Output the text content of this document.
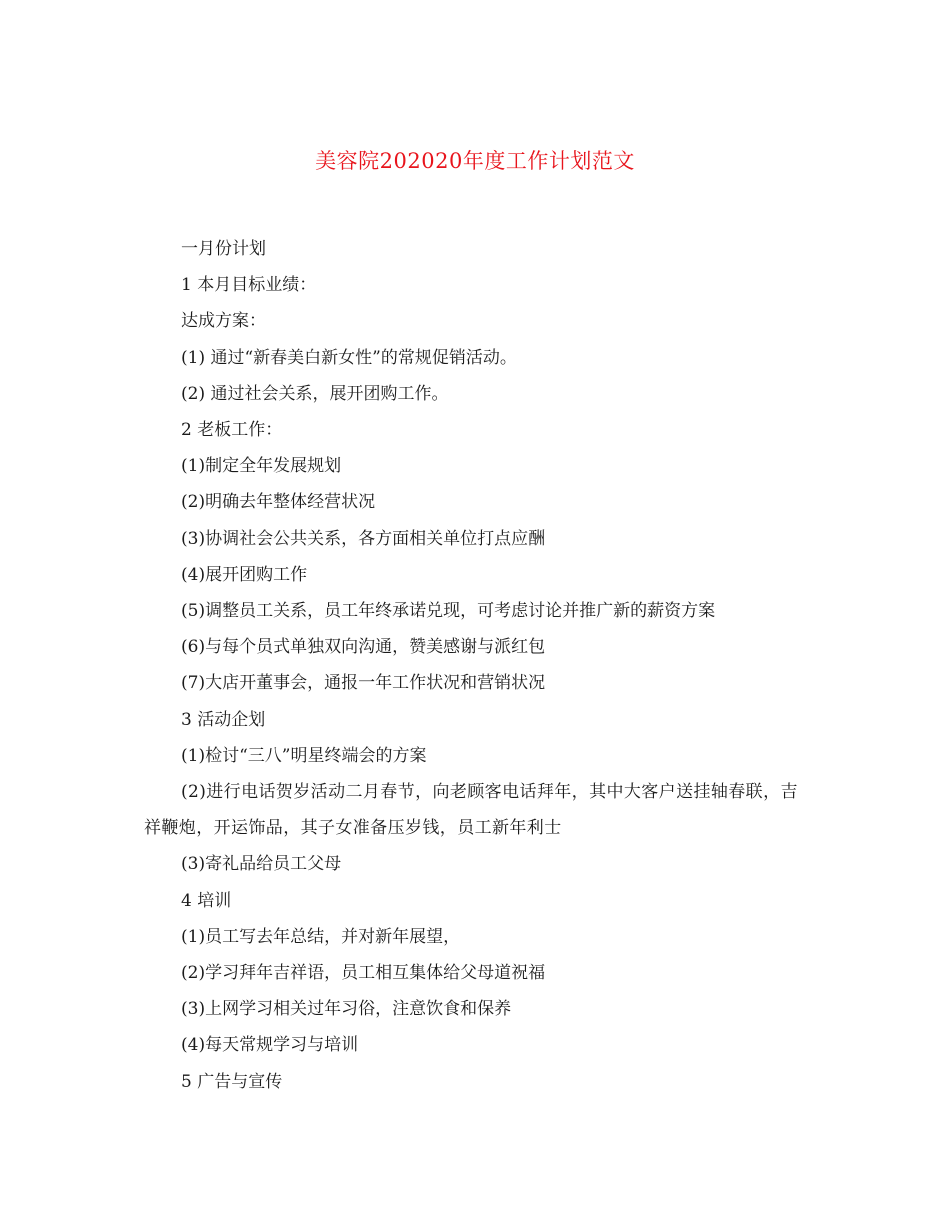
美容院202020年度工作计划范文
一月份计划
1 本月目标业绩：
达成方案：
(1) 通过“新春美白新女性”的常规促销活动。
(2) 通过社会关系，展开团购工作。
2 老板工作：
(1)制定全年发展规划
(2)明确去年整体经营状况
(3)协调社会公共关系，各方面相关单位打点应酬
(4)展开团购工作
(5)调整员工关系，员工年终承诺兑现，可考虑讨论并推广新的薪资方案
(6)与每个员式单独双向沟通，赞美感谢与派红包
(7)大店开董事会，通报一年工作状况和营销状况
3 活动企划
(1)检讨“三八”明星终端会的方案
(2)进行电话贺岁活动二月春节，向老顾客电话拜年，其中大客户送挂轴春联，吉祥鞭炮，开运饰品，其子女准备压岁钱，员工新年利士
(3)寄礼品给员工父母
4 培训
(1)员工写去年总结，并对新年展望，
(2)学习拜年吉祥语，员工相互集体给父母道祝福
(3)上网学习相关过年习俗，注意饮食和保养
(4)每天常规学习与培训
5 广告与宣传
